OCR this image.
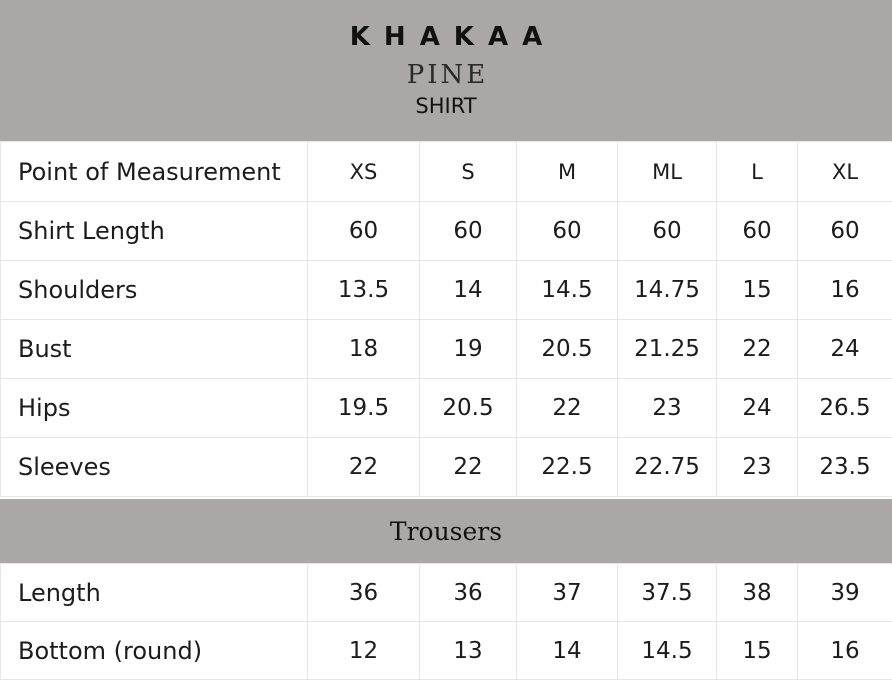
KHAKAA
PINE
SHIRT
Point of Measurement	XS	S	M	ML	L	XL
Shirt Length	60	60	60	60	60	60
Shoulders	13.5	14	14.5	14.75	15	16
Bust	18	19	20.5	21.25	22	24
Hips	19.5	20.5	22	23	24	26.5
Sleeves	22	22	22.5	22.75	23	23.5
Trousers
Length	36	36	37	37.5	38	39
Bottom (round)	12	13	14	14.5	15	16
